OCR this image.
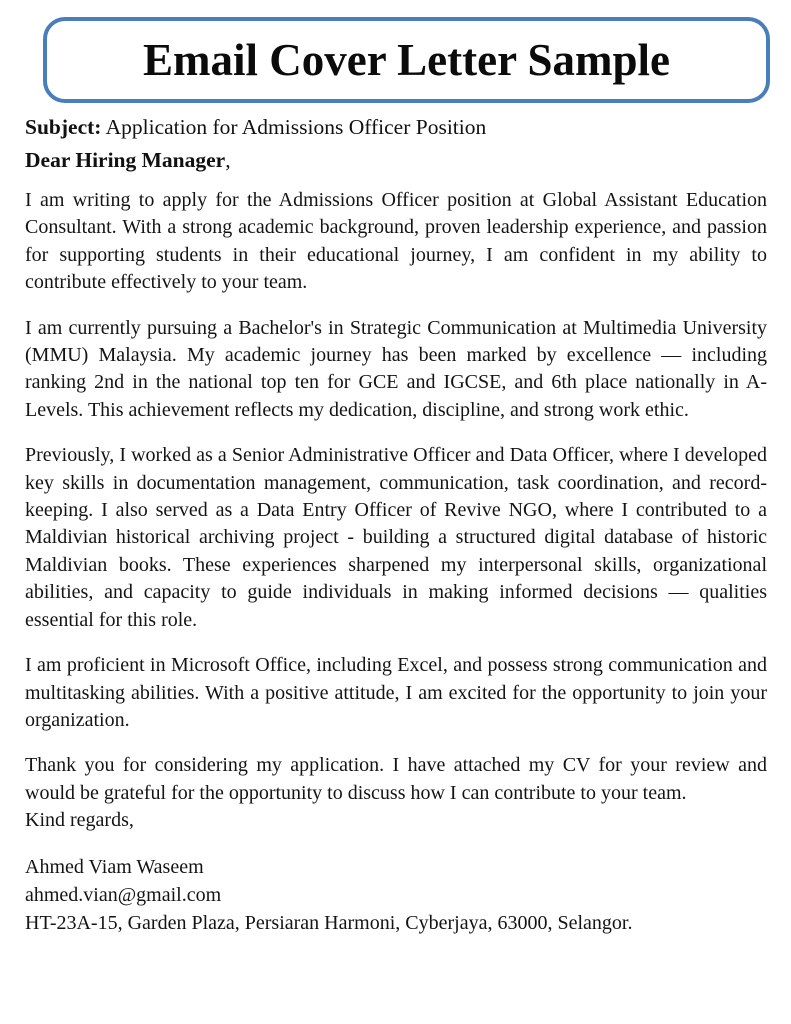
Email Cover Letter Sample
Subject: Application for Admissions Officer Position
Dear Hiring Manager,

I am writing to apply for the Admissions Officer position at Global Assistant Education Consultant. With a strong academic background, proven leadership experience, and passion for supporting students in their educational journey, I am confident in my ability to contribute effectively to your team.

I am currently pursuing a Bachelor's in Strategic Communication at Multimedia University (MMU) Malaysia. My academic journey has been marked by excellence — including ranking 2nd in the national top ten for GCE and IGCSE, and 6th place nationally in A-Levels. This achievement reflects my dedication, discipline, and strong work ethic.

Previously, I worked as a Senior Administrative Officer and Data Officer, where I developed key skills in documentation management, communication, task coordination, and record-keeping. I also served as a Data Entry Officer of Revive NGO, where I contributed to a Maldivian historical archiving project - building a structured digital database of historic Maldivian books. These experiences sharpened my interpersonal skills, organizational abilities, and capacity to guide individuals in making informed decisions — qualities essential for this role.

I am proficient in Microsoft Office, including Excel, and possess strong communication and multitasking abilities. With a positive attitude, I am excited for the opportunity to join your organization.

Thank you for considering my application. I have attached my CV for your review and would be grateful for the opportunity to discuss how I can contribute to your team.

Kind regards,
Ahmed Viam Waseem
ahmed.vian@gmail.com
HT-23A-15, Garden Plaza, Persiaran Harmoni, Cyberjaya, 63000, Selangor.
